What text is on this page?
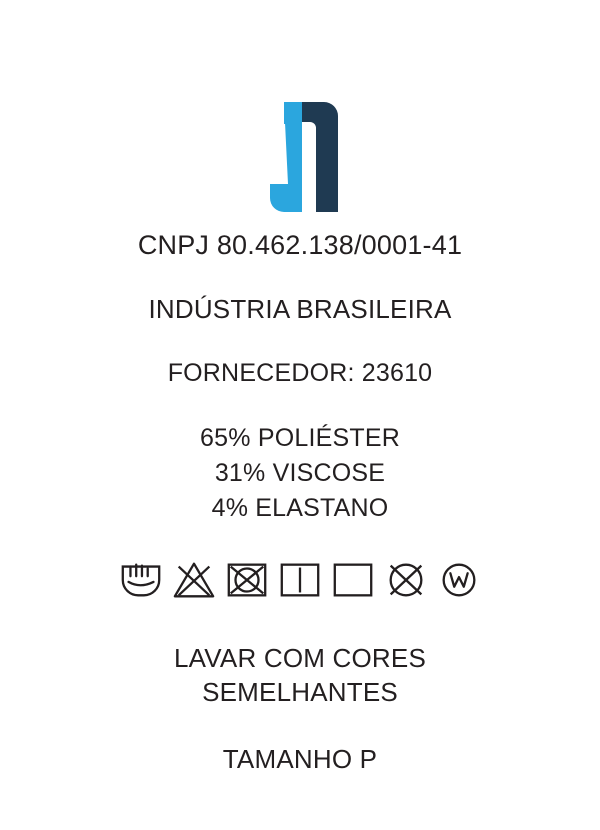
CNPJ 80.462.138/0001-41
INDÚSTRIA BRASILEIRA
FORNECEDOR: 23610
65% POLIÉSTER
31% VISCOSE
4% ELASTANO
LAVAR COM CORES
SEMELHANTES
TAMANHO P
